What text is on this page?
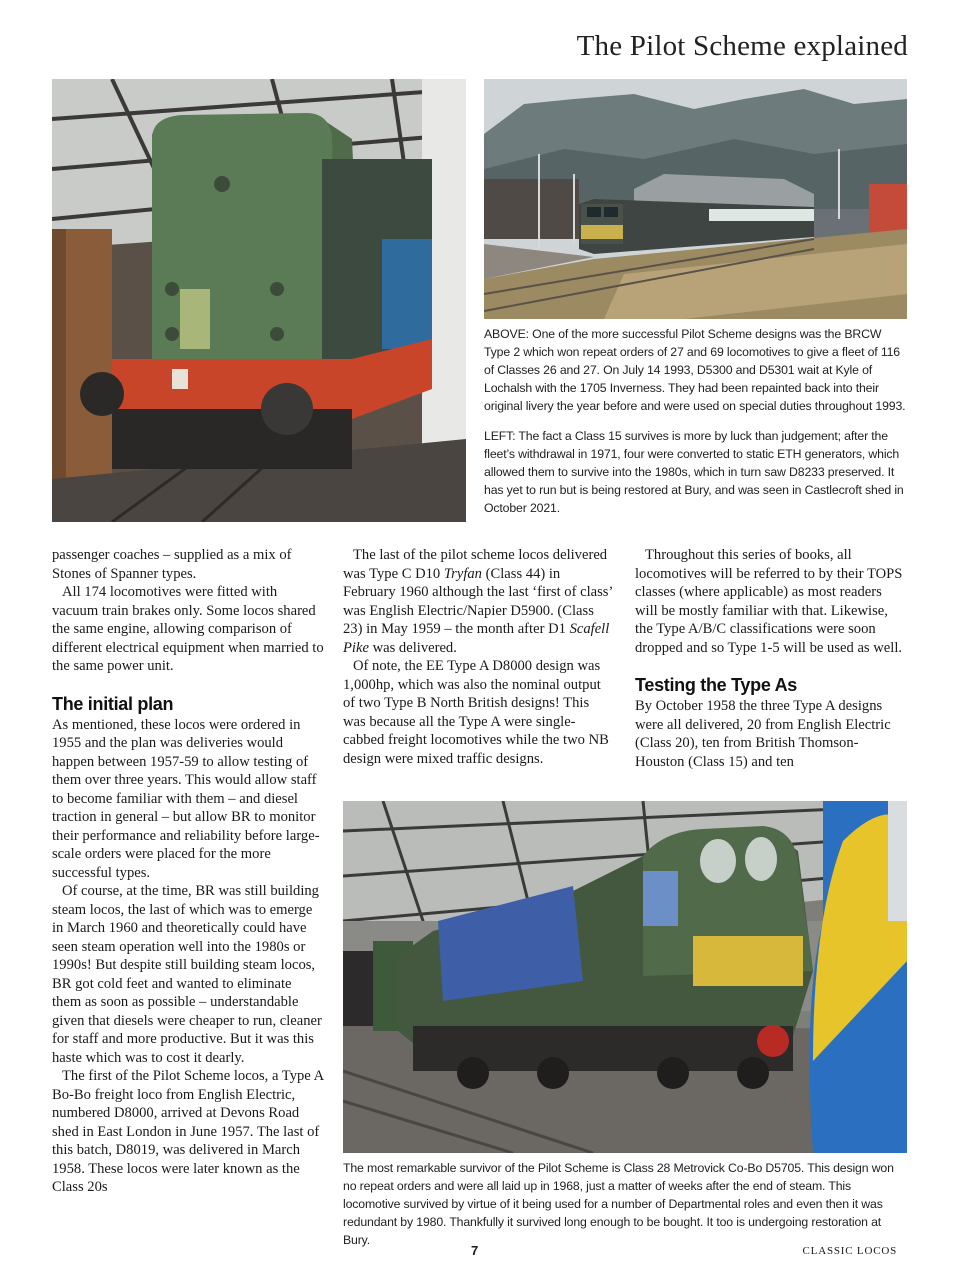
The Pilot Scheme explained

ABOVE: One of the more successful Pilot Scheme designs was the BRCW Type 2 which won repeat orders of 27 and 69 locomotives to give a fleet of 116 of Classes 26 and 27. On July 14 1993, D5300 and D5301 wait at Kyle of Lochalsh with the 1705 Inverness. They had been repainted back into their original livery the year before and were used on special duties throughout 1993.

LEFT: The fact a Class 15 survives is more by luck than judgement; after the fleet’s withdrawal in 1971, four were converted to static ETH generators, which allowed them to survive into the 1980s, which in turn saw D8233 preserved. It has yet to run but is being restored at Bury, and was seen in Castlecroft shed in October 2021.

passenger coaches – supplied as a mix of Stones of Spanner types.

All 174 locomotives were fitted with vacuum train brakes only. Some locos shared the same engine, allowing comparison of different electrical equipment when married to the same power unit.

The initial plan

As mentioned, these locos were ordered in 1955 and the plan was deliveries would happen between 1957-59 to allow testing of them over three years. This would allow staff to become familiar with them – and diesel traction in general – but allow BR to monitor their performance and reliability before large-scale orders were placed for the more successful types.

Of course, at the time, BR was still building steam locos, the last of which was to emerge in March 1960 and theoretically could have seen steam operation well into the 1980s or 1990s! But despite still building steam locos, BR got cold feet and wanted to eliminate them as soon as possible – understandable given that diesels were cheaper to run, cleaner for staff and more productive. But it was this haste which was to cost it dearly.

The first of the Pilot Scheme locos, a Type A Bo-Bo freight loco from English Electric, numbered D8000, arrived at Devons Road shed in East London in June 1957. The last of this batch, D8019, was delivered in March 1958. These locos were later known as the Class 20s

The last of the pilot scheme locos delivered was Type C D10 Tryfan (Class 44) in February 1960 although the last ‘first of class’ was English Electric/Napier D5900. (Class 23) in May 1959 – the month after D1 Scafell Pike was delivered.

Of note, the EE Type A D8000 design was 1,000hp, which was also the nominal output of two Type B North British designs! This was because all the Type A were single-cabbed freight locomotives while the two NB design were mixed traffic designs.

Throughout this series of books, all locomotives will be referred to by their TOPS classes (where applicable) as most readers will be mostly familiar with that. Likewise, the Type A/B/C classifications were soon dropped and so Type 1-5 will be used as well.

Testing the Type As

By October 1958 the three Type A designs were all delivered, 20 from English Electric (Class 20), ten from British Thomson-Houston (Class 15) and ten

The most remarkable survivor of the Pilot Scheme is Class 28 Metrovick Co-Bo D5705. This design won no repeat orders and were all laid up in 1968, just a matter of weeks after the end of steam. This locomotive survived by virtue of it being used for a number of Departmental roles and even then it was redundant by 1980. Thankfully it survived long enough to be bought. It too is undergoing restoration at Bury.
7	CLASSIC LOCOS
